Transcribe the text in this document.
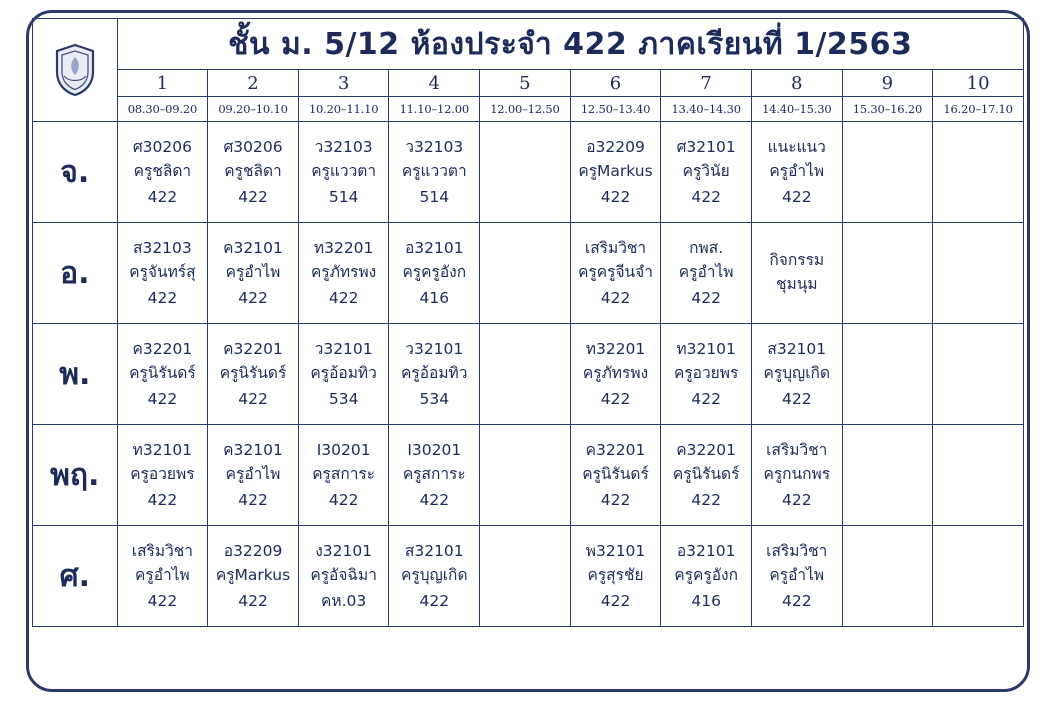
	ชั้น ม. 5/12 ห้องประจำ 422 ภาคเรียนที่ 1/2563									
	1	2	3	4	5	6	7	8	9	10
	08.30–09.20	09.20–10.10	10.20–11.10	11.10–12.00	12.00–12.50	12.50–13.40	13.40–14.30	14.40–15.30	15.30–16.20	16.20–17.10
จ.	ศ30206
ครูชลิดา
422	ศ30206
ครูชลิดา
422	ว32103
ครูแววตา
514	ว32103
ครูแววตา
514		อ32209
ครูMarkus
422	ศ32101
ครูวินัย
422	แนะแนว
ครูอำไพ
422		

อ.	ส32103
ครูจันทร์สุ
422	ค32101
ครูอำไพ
422	ท32201
ครูภัทรพง
422	อ32101
ครูครูอังก
416		เสริมวิชา
ครูครูจีนจำ
422	กพส.
ครูอำไพ
422	กิจกรรม
ชุมนุม		

พ.	ค32201
ครูนิรันดร์
422	ค32201
ครูนิรันดร์
422	ว32101
ครูอ้อมทิว
534	ว32101
ครูอ้อมทิว
534		ท32201
ครูภัทรพง
422	ท32101
ครูอวยพร
422	ส32101
ครูบุญเกิด
422		

พฤ.	ท32101
ครูอวยพร
422	ค32101
ครูอำไพ
422	I30201
ครูสการะ
422	I30201
ครูสการะ
422		ค32201
ครูนิรันดร์
422	ค32201
ครูนิรันดร์
422	เสริมวิชา
ครูกนกพร
422		

ศ.	เสริมวิชา
ครูอำไพ
422	อ32209
ครูMarkus
422	ง32101
ครูอัจฉิมา
คห.03	ส32101
ครูบุญเกิด
422		พ32101
ครูสุรชัย
422	อ32101
ครูครูอังก
416	เสริมวิชา
ครูอำไพ
422		
